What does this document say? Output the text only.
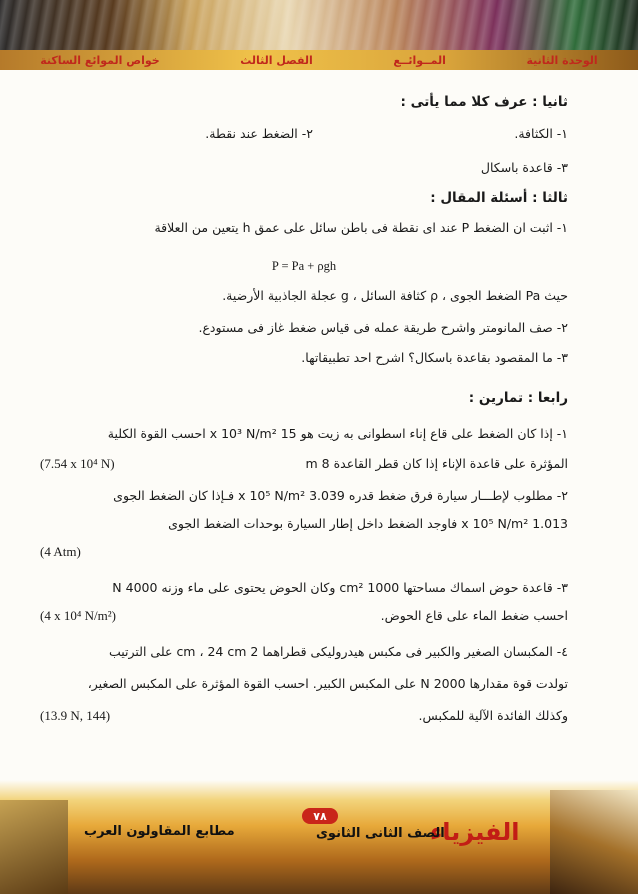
الوحدة الثانية
المــوائــع
الفصل الثالث
خواص الموائع الساكنة
ثانيا : عرف كلا مما يأتى :
١- الكثافة.
٢- الضغط عند نقطة.
٣- قاعدة باسكال
ثالثا : أسئلة المقال :
١- اثبت ان الضغط P عند اى نقطة فى باطن سائل على عمق h يتعين من العلاقة
P = Pa + ρgh
حيث Pa الضغط الجوى ، ρ كثافة السائل ، g عجلة الجاذبية الأرضية.
٢- صف المانومتر واشرح طريقة عمله فى قياس ضغط غاز فى مستودع.
٣- ما المقصود بقاعدة باسكال؟ اشرح احد تطبيقاتها.
رابعا : تمارين :
١- إذا كان الضغط على قاع إناء اسطوانى به زيت هو 15 x 10³ N/m² احسب القوة الكلية
المؤثرة على قاعدة الإناء إذا كان قطر القاعدة 8 m
(7.54 x 10⁴ N)
٢- مطلوب لإطـــار سيارة فرق ضغط قدره 3.039 x 10⁵ N/m² فـإذا كان الضغط الجوى
1.013 x 10⁵ N/m² فاوجد الضغط داخل إطار السيارة بوحدات الضغط الجوى
(4 Atm)
٣- قاعدة حوض اسماك مساحتها 1000 cm² وكان الحوض يحتوى على ماء وزنه 4000 N
احسب ضغط الماء على قاع الحوض.
(4 x 10⁴ N/m²)
٤- المكبسان الصغير والكبير فى مكبس هيدروليكى قطراهما 2 cm ، 24 cm على الترتيب
تولدت قوة مقدارها 2000 N على المكبس الكبير. احسب القوة المؤثرة على المكبس الصغير،
وكذلك الفائدة الآلية للمكبس.
(13.9 N, 144)
٧٨
الفيزياء
الصف الثانى الثانوى
مطابع المقاولون العرب
